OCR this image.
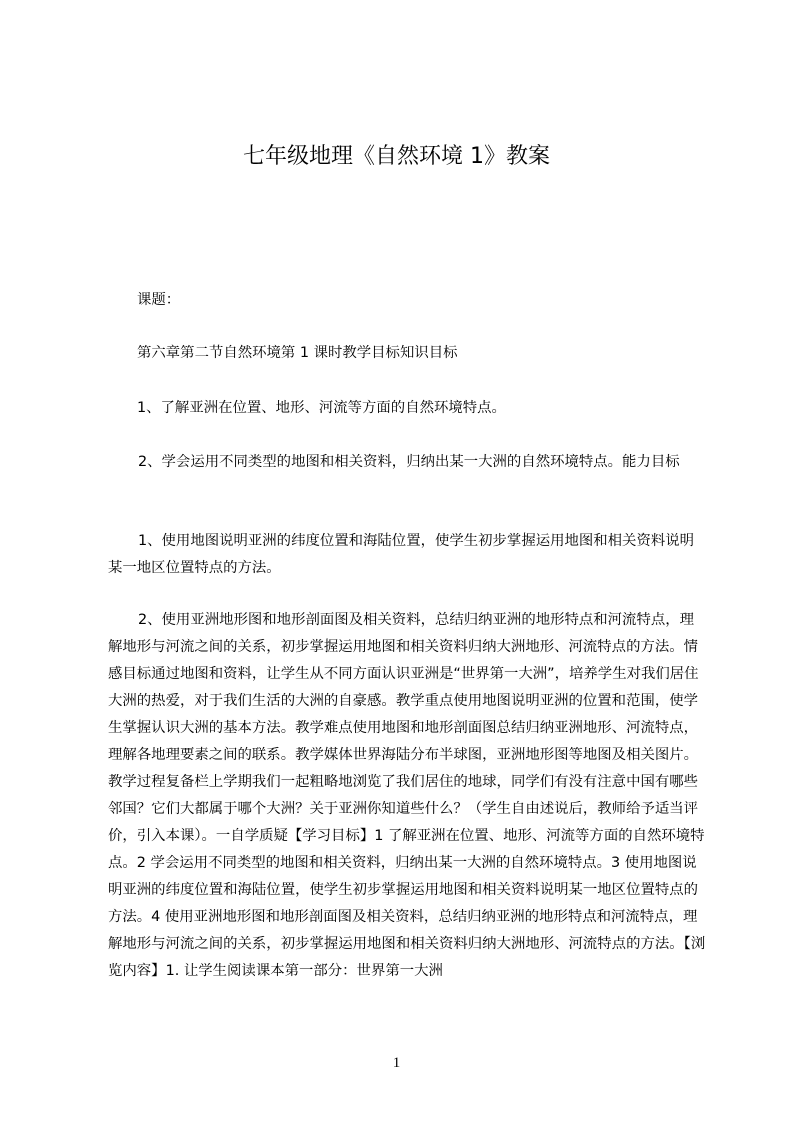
七年级地理《自然环境 1》教案

课题：

第六章第二节自然环境第 1 课时教学目标知识目标

1、了解亚洲在位置、地形、河流等方面的自然环境特点。

2、学会运用不同类型的地图和相关资料，归纳出某一大洲的自然环境特点。能力目标

1、使用地图说明亚洲的纬度位置和海陆位置，使学生初步掌握运用地图和相关资料说明某一地区位置特点的方法。

2、使用亚洲地形图和地形剖面图及相关资料，总结归纳亚洲的地形特点和河流特点，理解地形与河流之间的关系，初步掌握运用地图和相关资料归纳大洲地形、河流特点的方法。情感目标通过地图和资料，让学生从不同方面认识亚洲是“世界第一大洲”，培养学生对我们居住大洲的热爱，对于我们生活的大洲的自豪感。教学重点使用地图说明亚洲的位置和范围，使学生掌握认识大洲的基本方法。教学难点使用地图和地形剖面图总结归纳亚洲地形、河流特点，理解各地理要素之间的联系。教学媒体世界海陆分布半球图，亚洲地形图等地图及相关图片。教学过程复备栏上学期我们一起粗略地浏览了我们居住的地球，同学们有没有注意中国有哪些邻国？它们大都属于哪个大洲？关于亚洲你知道些什么？（学生自由述说后，教师给予适当评价，引入本课）。一自学质疑【学习目标】1 了解亚洲在位置、地形、河流等方面的自然环境特点。2 学会运用不同类型的地图和相关资料，归纳出某一大洲的自然环境特点。3 使用地图说明亚洲的纬度位置和海陆位置，使学生初步掌握运用地图和相关资料说明某一地区位置特点的方法。4 使用亚洲地形图和地形剖面图及相关资料，总结归纳亚洲的地形特点和河流特点，理解地形与河流之间的关系，初步掌握运用地图和相关资料归纳大洲地形、河流特点的方法。【浏览内容】1. 让学生阅读课本第一部分：世界第一大洲

1
